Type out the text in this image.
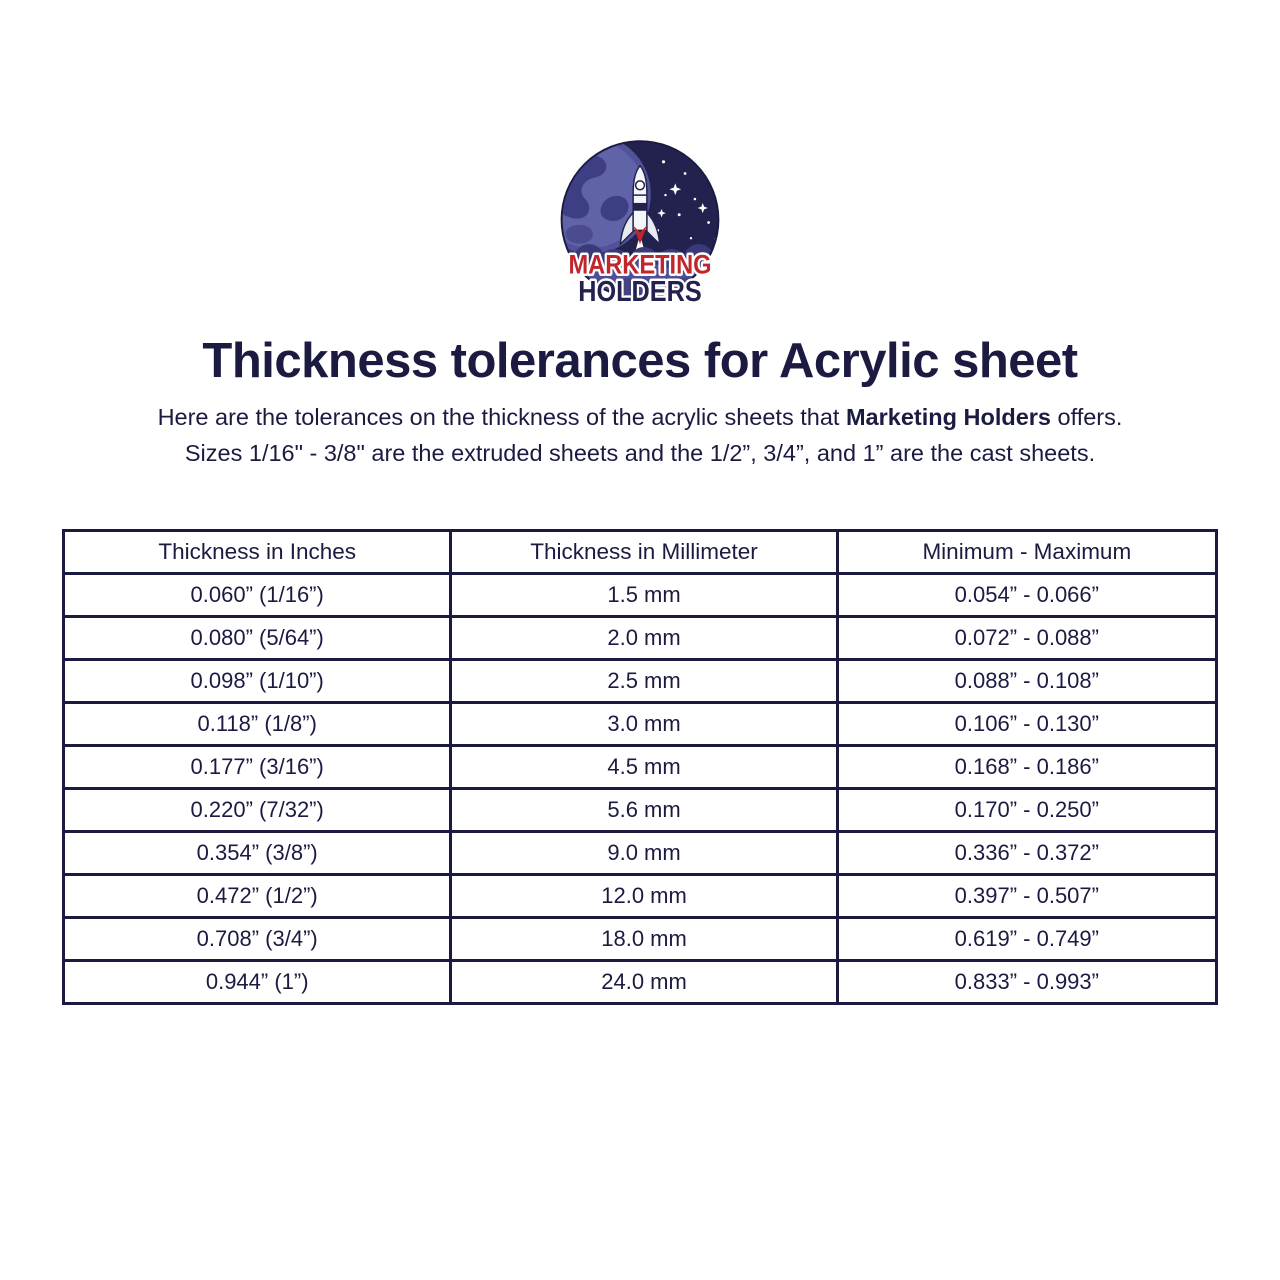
MARKETING
HOLDERS
Thickness tolerances for Acrylic sheet
Here are the tolerances on the thickness of the acrylic sheets that Marketing Holders offers.
Sizes 1/16" - 3/8" are the extruded sheets and the 1/2”, 3/4”, and 1” are the cast sheets.
Thickness in Inches	Thickness in Millimeter	Minimum - Maximum
0.060” (1/16”)	1.5 mm	0.054” - 0.066”
0.080” (5/64”)	2.0 mm	0.072” - 0.088”
0.098” (1/10”)	2.5 mm	0.088” - 0.108”
0.118” (1/8”)	3.0 mm	0.106” - 0.130”
0.177” (3/16”)	4.5 mm	0.168” - 0.186”
0.220” (7/32”)	5.6 mm	0.170” - 0.250”
0.354” (3/8”)	9.0 mm	0.336” - 0.372”
0.472” (1/2”)	12.0 mm	0.397” - 0.507”
0.708” (3/4”)	18.0 mm	0.619” - 0.749”
0.944” (1”)	24.0 mm	0.833” - 0.993”
